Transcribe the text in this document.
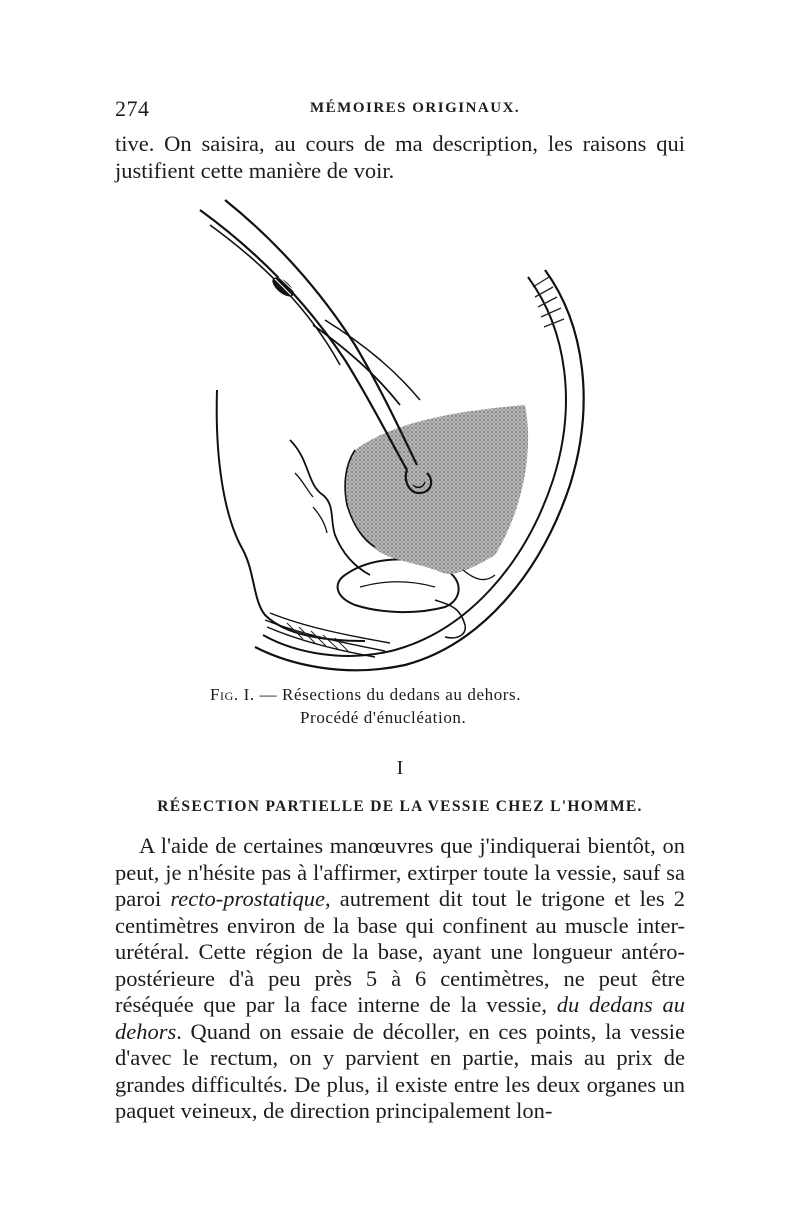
274	MÉMOIRES ORIGINAUX.

tive. On saisira, au cours de ma description, les raisons qui justifient cette manière de voir.

Fig. I. — Résections du dedans au dehors.
Procédé d'énucléation.
I
RÉSECTION PARTIELLE DE LA VESSIE CHEZ L'HOMME.

A l'aide de certaines manœuvres que j'indiquerai bientôt, on peut, je n'hésite pas à l'affirmer, extirper toute la vessie, sauf sa paroi recto-prostatique, autrement dit tout le trigone et les 2 centimètres environ de la base qui confinent au muscle inter-urétéral. Cette région de la base, ayant une longueur antéro-postérieure d'à peu près 5 à 6 centimètres, ne peut être réséquée que par la face interne de la vessie, du dedans au dehors. Quand on essaie de décoller, en ces points, la vessie d'avec le rectum, on y parvient en partie, mais au prix de grandes difficultés. De plus, il existe entre les deux organes un paquet veineux, de direction principalement lon-
